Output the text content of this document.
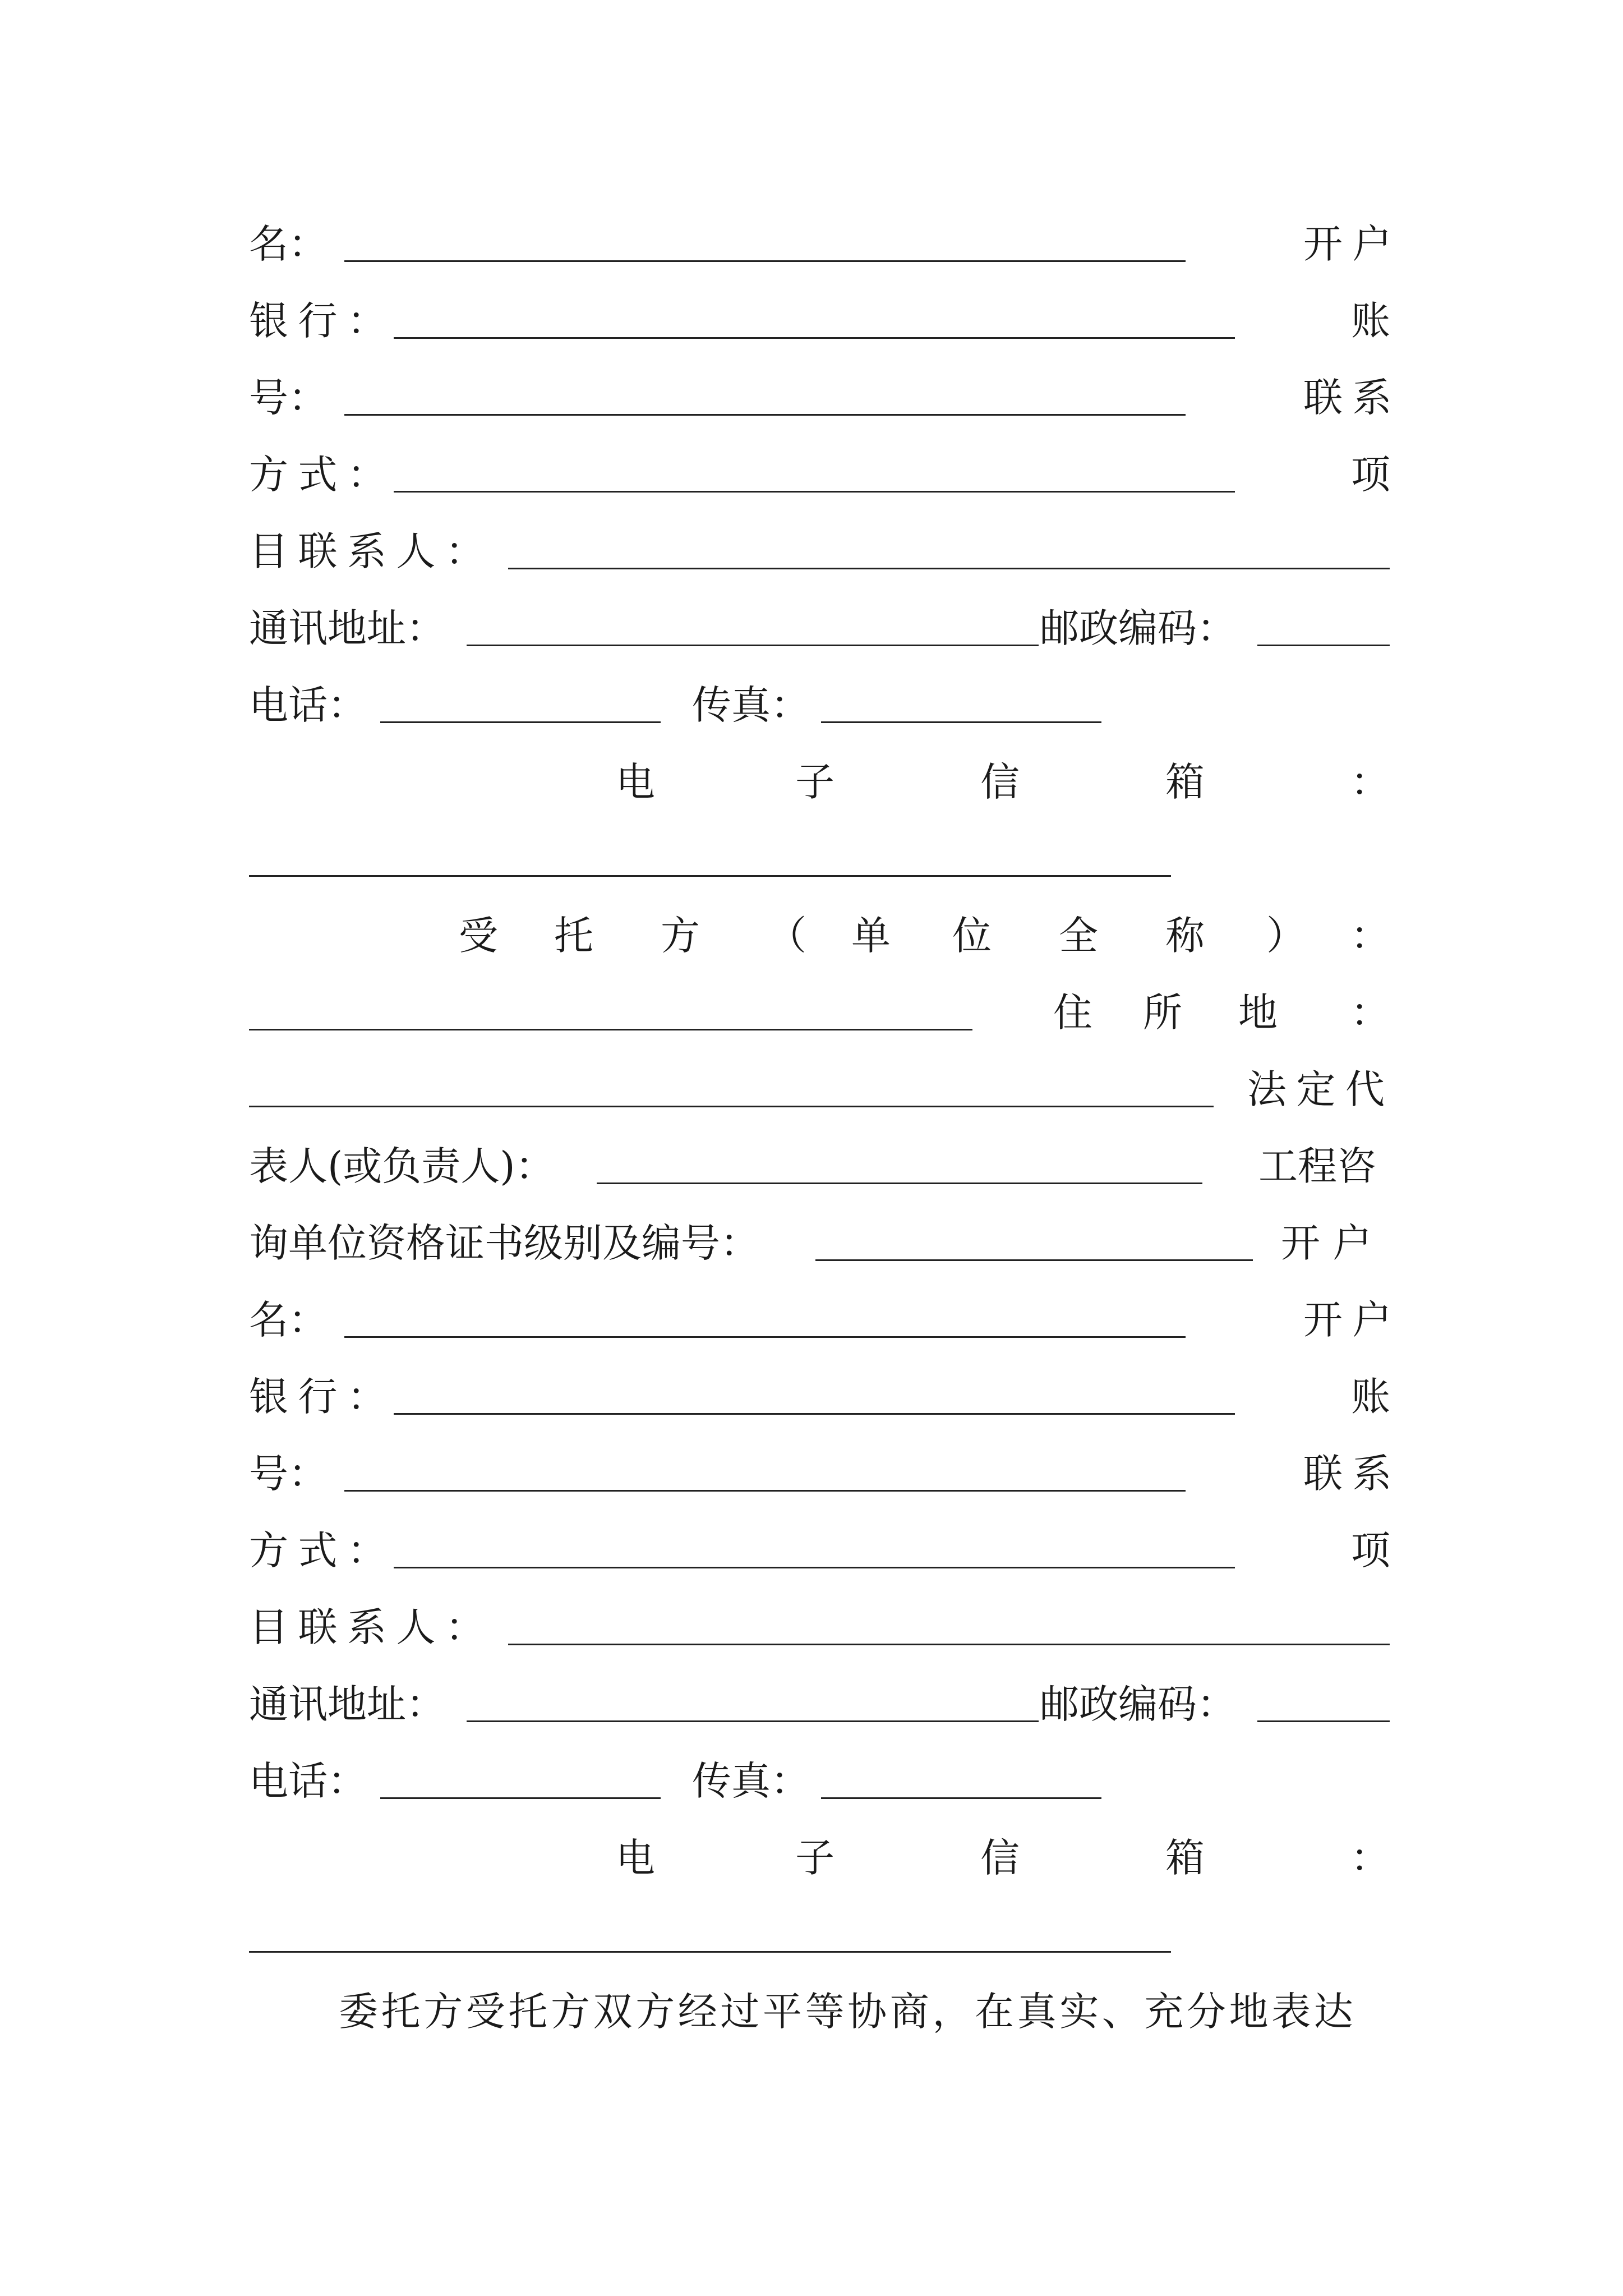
名：	开户
银行：	账
号：	联系
方式：	项
目联系人：
通讯地址：	邮政编码：
电话：	传真：
电	子	信	箱	：
受 托 方 （ 单 位 全 称 ） ：
住 所 地 ：
法定代
表人(或负责人)：	工程咨
询单位资格证书级别及编号：	开 户
名：	开户
银行：	账
号：	联系
方式：	项
目联系人：
通讯地址：	邮政编码：
电话：	传真：
电	子	信	箱	：
委托方受托方双方经过平等协商，在真实、充分地表达
